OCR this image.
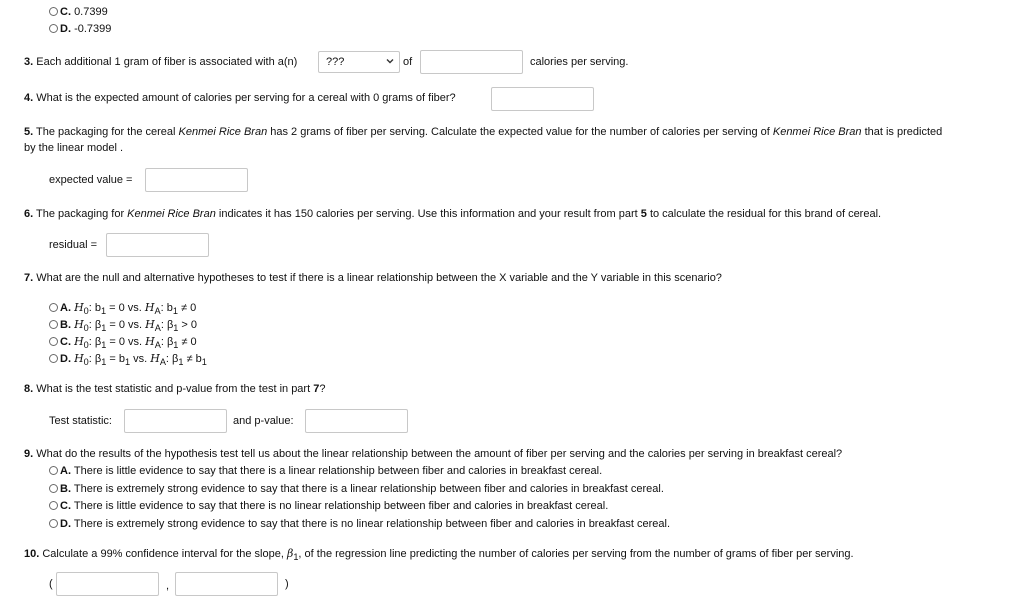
C. 0.7399
D. -0.7399
3. Each additional 1 gram of fiber is associated with a(n)	???	of	calories per serving.
4. What is the expected amount of calories per serving for a cereal with 0 grams of fiber?
5. The packaging for the cereal Kenmei Rice Bran has 2 grams of fiber per serving. Calculate the expected value for the number of calories per serving of Kenmei Rice Bran that is predicted
by the linear model .
expected value =
6. The packaging for Kenmei Rice Bran indicates it has 150 calories per serving. Use this information and your result from part 5 to calculate the residual for this brand of cereal.
residual =
7. What are the null and alternative hypotheses to test if there is a linear relationship between the X variable and the Y variable in this scenario?
A. $H_0$: $b_1 = 0$ vs. $H_A$: $b_1 \ne 0$
B. $H_0$: $\beta_1 = 0$ vs. $H_A$: $\beta_1 > 0$
C. $H_0$: $\beta_1 = 0$ vs. $H_A$: $\beta_1 \ne 0$
D. $H_0$: $\beta_1 = b_1$ vs. $H_A$: $\beta_1 \ne b_1$
8. What is the test statistic and p-value from the test in part 7?
Test statistic:	and p-value:
9. What do the results of the hypothesis test tell us about the linear relationship between the amount of fiber per serving and the calories per serving in breakfast cereal?
A. There is little evidence to say that there is a linear relationship between fiber and calories in breakfast cereal.
B. There is extremely strong evidence to say that there is a linear relationship between fiber and calories in breakfast cereal.
C. There is little evidence to say that there is no linear relationship between fiber and calories in breakfast cereal.
D. There is extremely strong evidence to say that there is no linear relationship between fiber and calories in breakfast cereal.
10. Calculate a 99% confidence interval for the slope, $\beta_1$, of the regression line predicting the number of calories per serving from the number of grams of fiber per serving.
(	,	)
